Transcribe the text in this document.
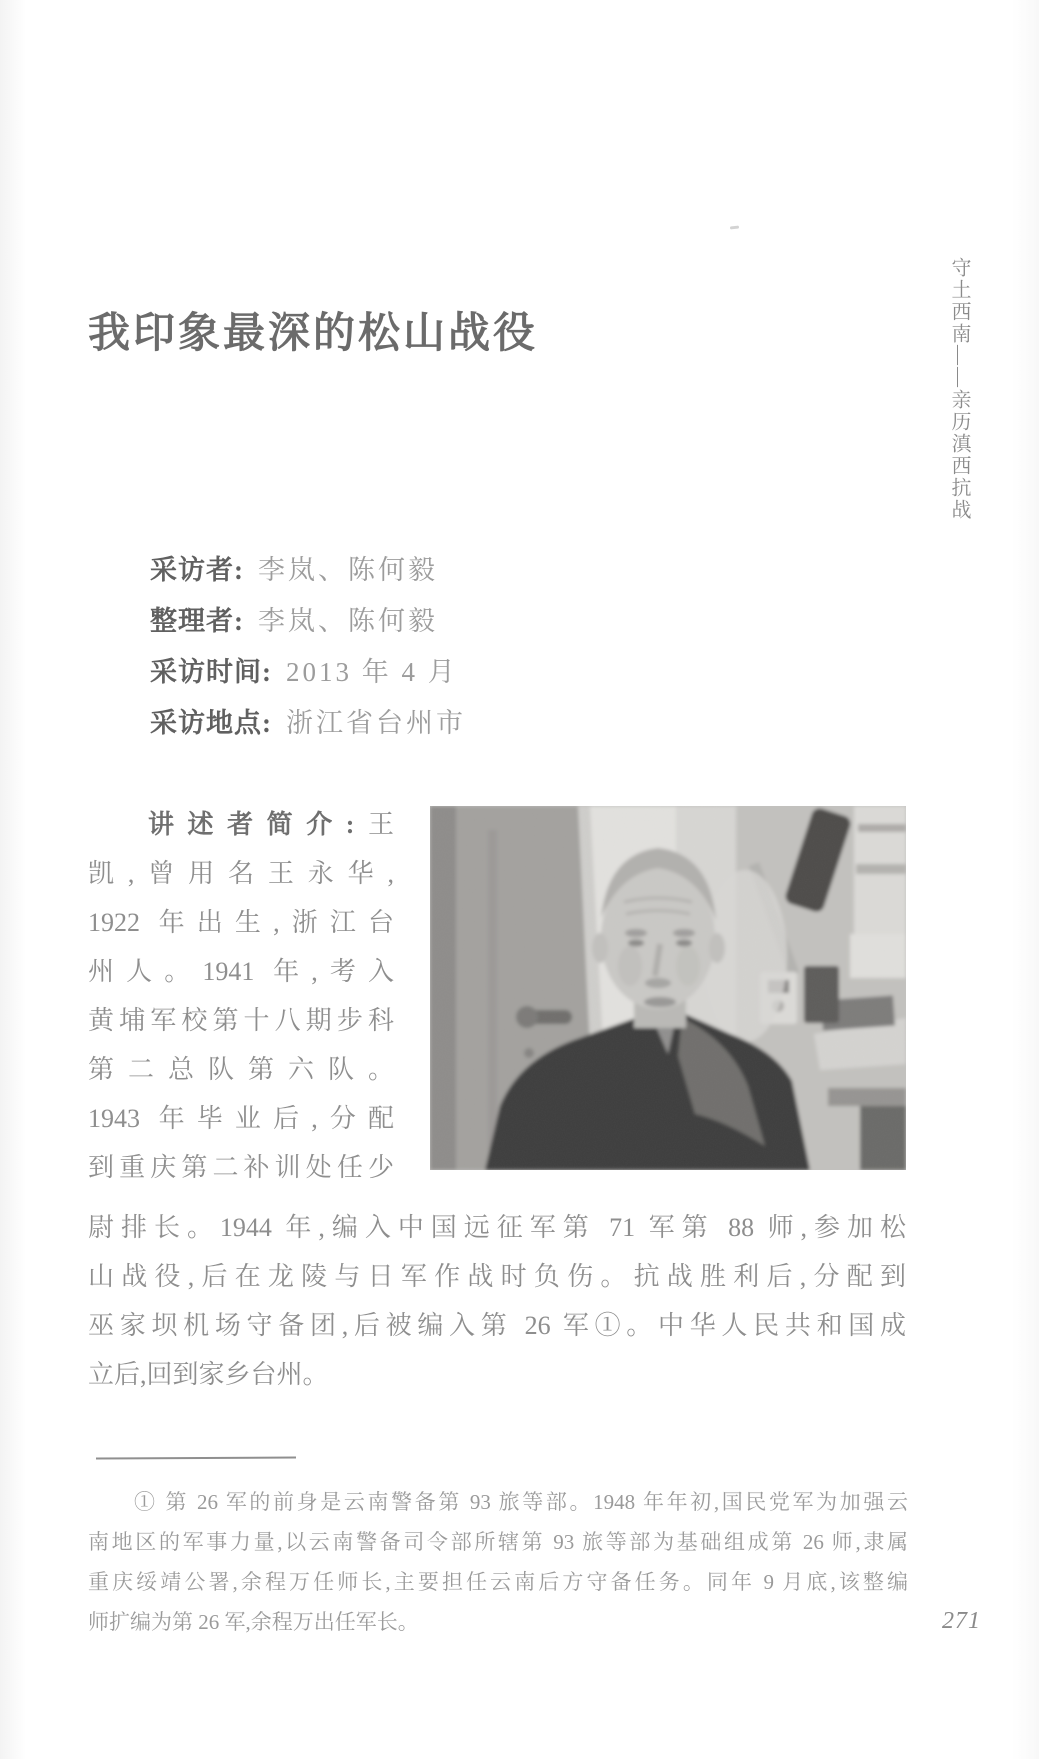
守土西南——亲历滇西抗战
我印象最深的松山战役
采访者: 李岚、陈何毅
整理者: 李岚、陈何毅
采访时间: 2013 年 4 月
采访地点: 浙江省台州市
讲述者简介:王
凯,曾用名王永华,
1922 年出生,浙江台
州人。1941 年,考入
黄埔军校第十八期步科
第二总队第六队。
1943 年毕业后,分配
到重庆第二补训处任少
尉排长。1944 年,编入中国远征军第 71 军第 88 师,参加松
山战役,后在龙陵与日军作战时负伤。抗战胜利后,分配到
巫家坝机场守备团,后被编入第 26 军①。中华人民共和国成
立后,回到家乡台州。
① 第 26 军的前身是云南警备第 93 旅等部。1948 年年初,国民党军为加强云
南地区的军事力量,以云南警备司令部所辖第 93 旅等部为基础组成第 26 师,隶属
重庆绥靖公署,余程万任师长,主要担任云南后方守备任务。同年 9 月底,该整编
师扩编为第 26 军,余程万出任军长。	271
